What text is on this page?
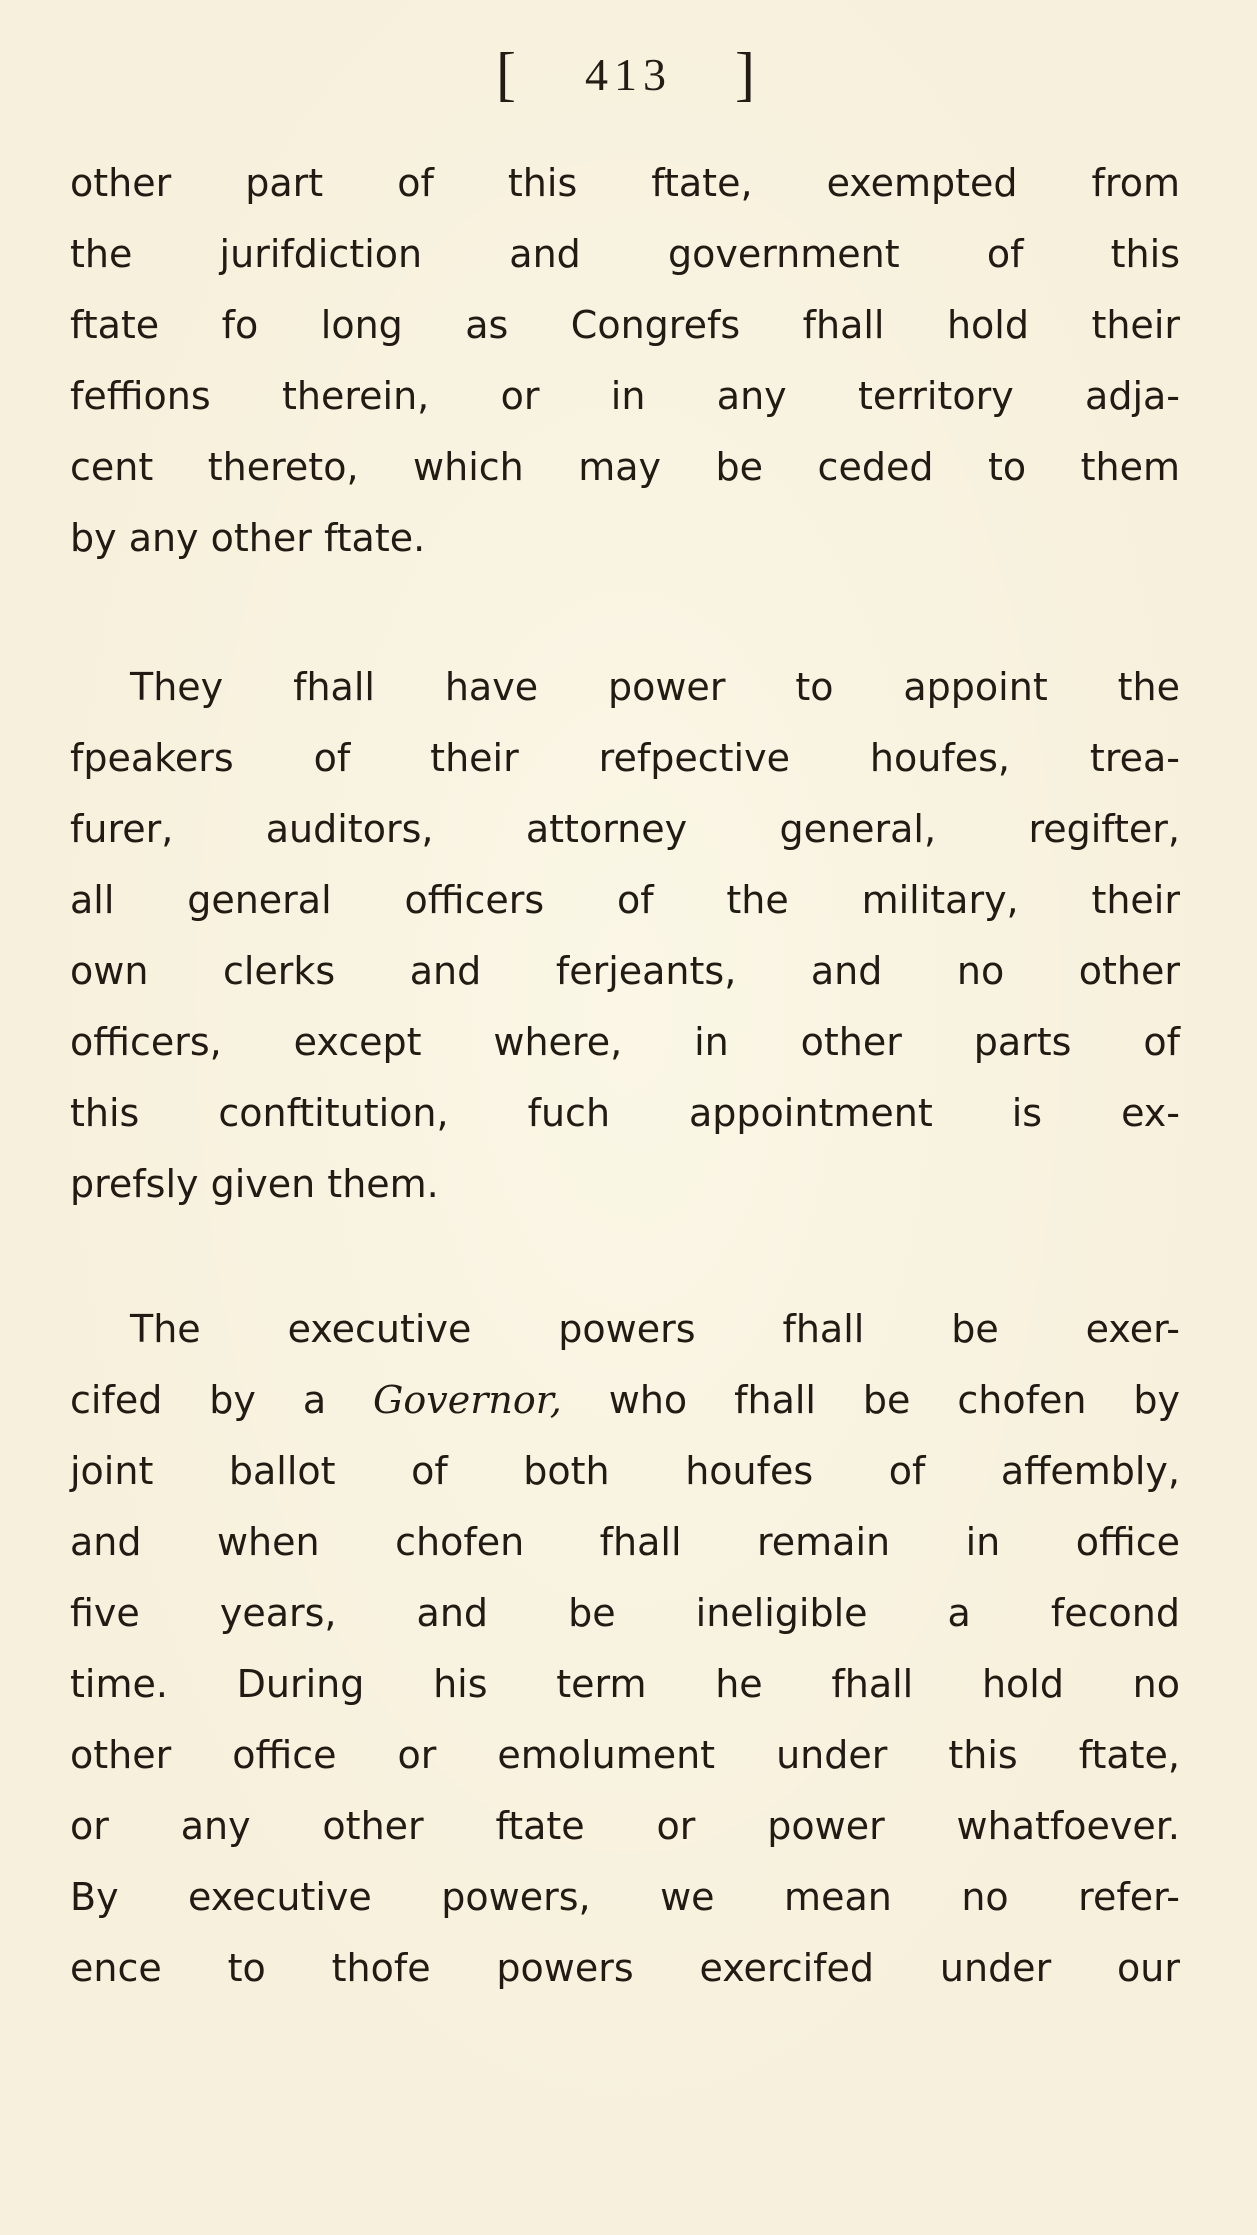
[ 413 ]
other part of this ftate, exempted from
the jurifdiction and government of this
ftate fo long as Congrefs fhall hold their
feffions therein, or in any territory adja-
cent thereto, which may be ceded to them
by any other ftate.
They fhall have power to appoint the
fpeakers of their refpective houfes, trea-
furer, auditors, attorney general, regifter,
all general officers of the military, their
own clerks and ferjeants, and no other
officers, except where, in other parts of
this conftitution, fuch appointment is ex-
prefsly given them.
The executive powers fhall be exer-
cifed by a Governor, who fhall be chofen by
joint ballot of both houfes of affembly,
and when chofen fhall remain in office
five years, and be ineligible a fecond
time. During his term he fhall hold no
other office or emolument under this ftate,
or any other ftate or power whatfoever.
By executive powers, we mean no refer-
ence to thofe powers exercifed under our
